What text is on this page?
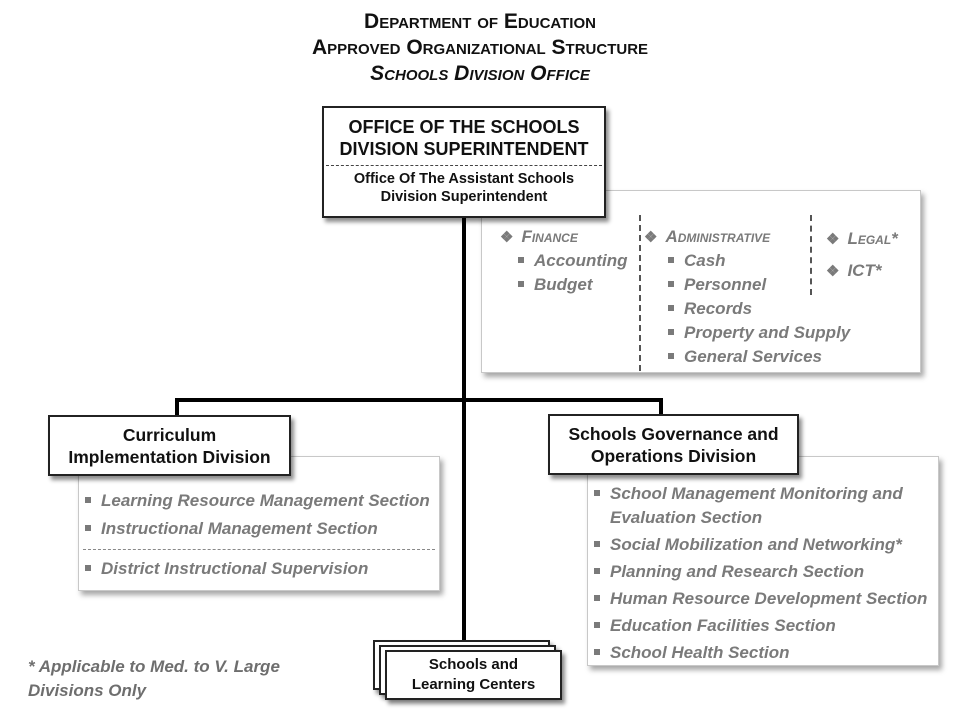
Department of Education
Approved Organizational Structure
Schools Division Office
❖ Finance
Accounting
Budget
❖ Administrative
Cash
Personnel
Records
Property and Supply
General Services
❖ Legal*
❖ ICT*
OFFICE OF THE SCHOOLS
DIVISION SUPERINTENDENT
Office Of The Assistant Schools
Division Superintendent
Learning Resource Management Section
Instructional Management Section
District Instructional Supervision
Curriculum
Implementation Division
School Management Monitoring and
Evaluation Section
Social Mobilization and Networking*
Planning and Research Section
Human Resource Development Section
Education Facilities Section
School Health Section
Schools Governance and
Operations Division
Schools and
Learning Centers
* Applicable to Med. to V. Large
Divisions Only
